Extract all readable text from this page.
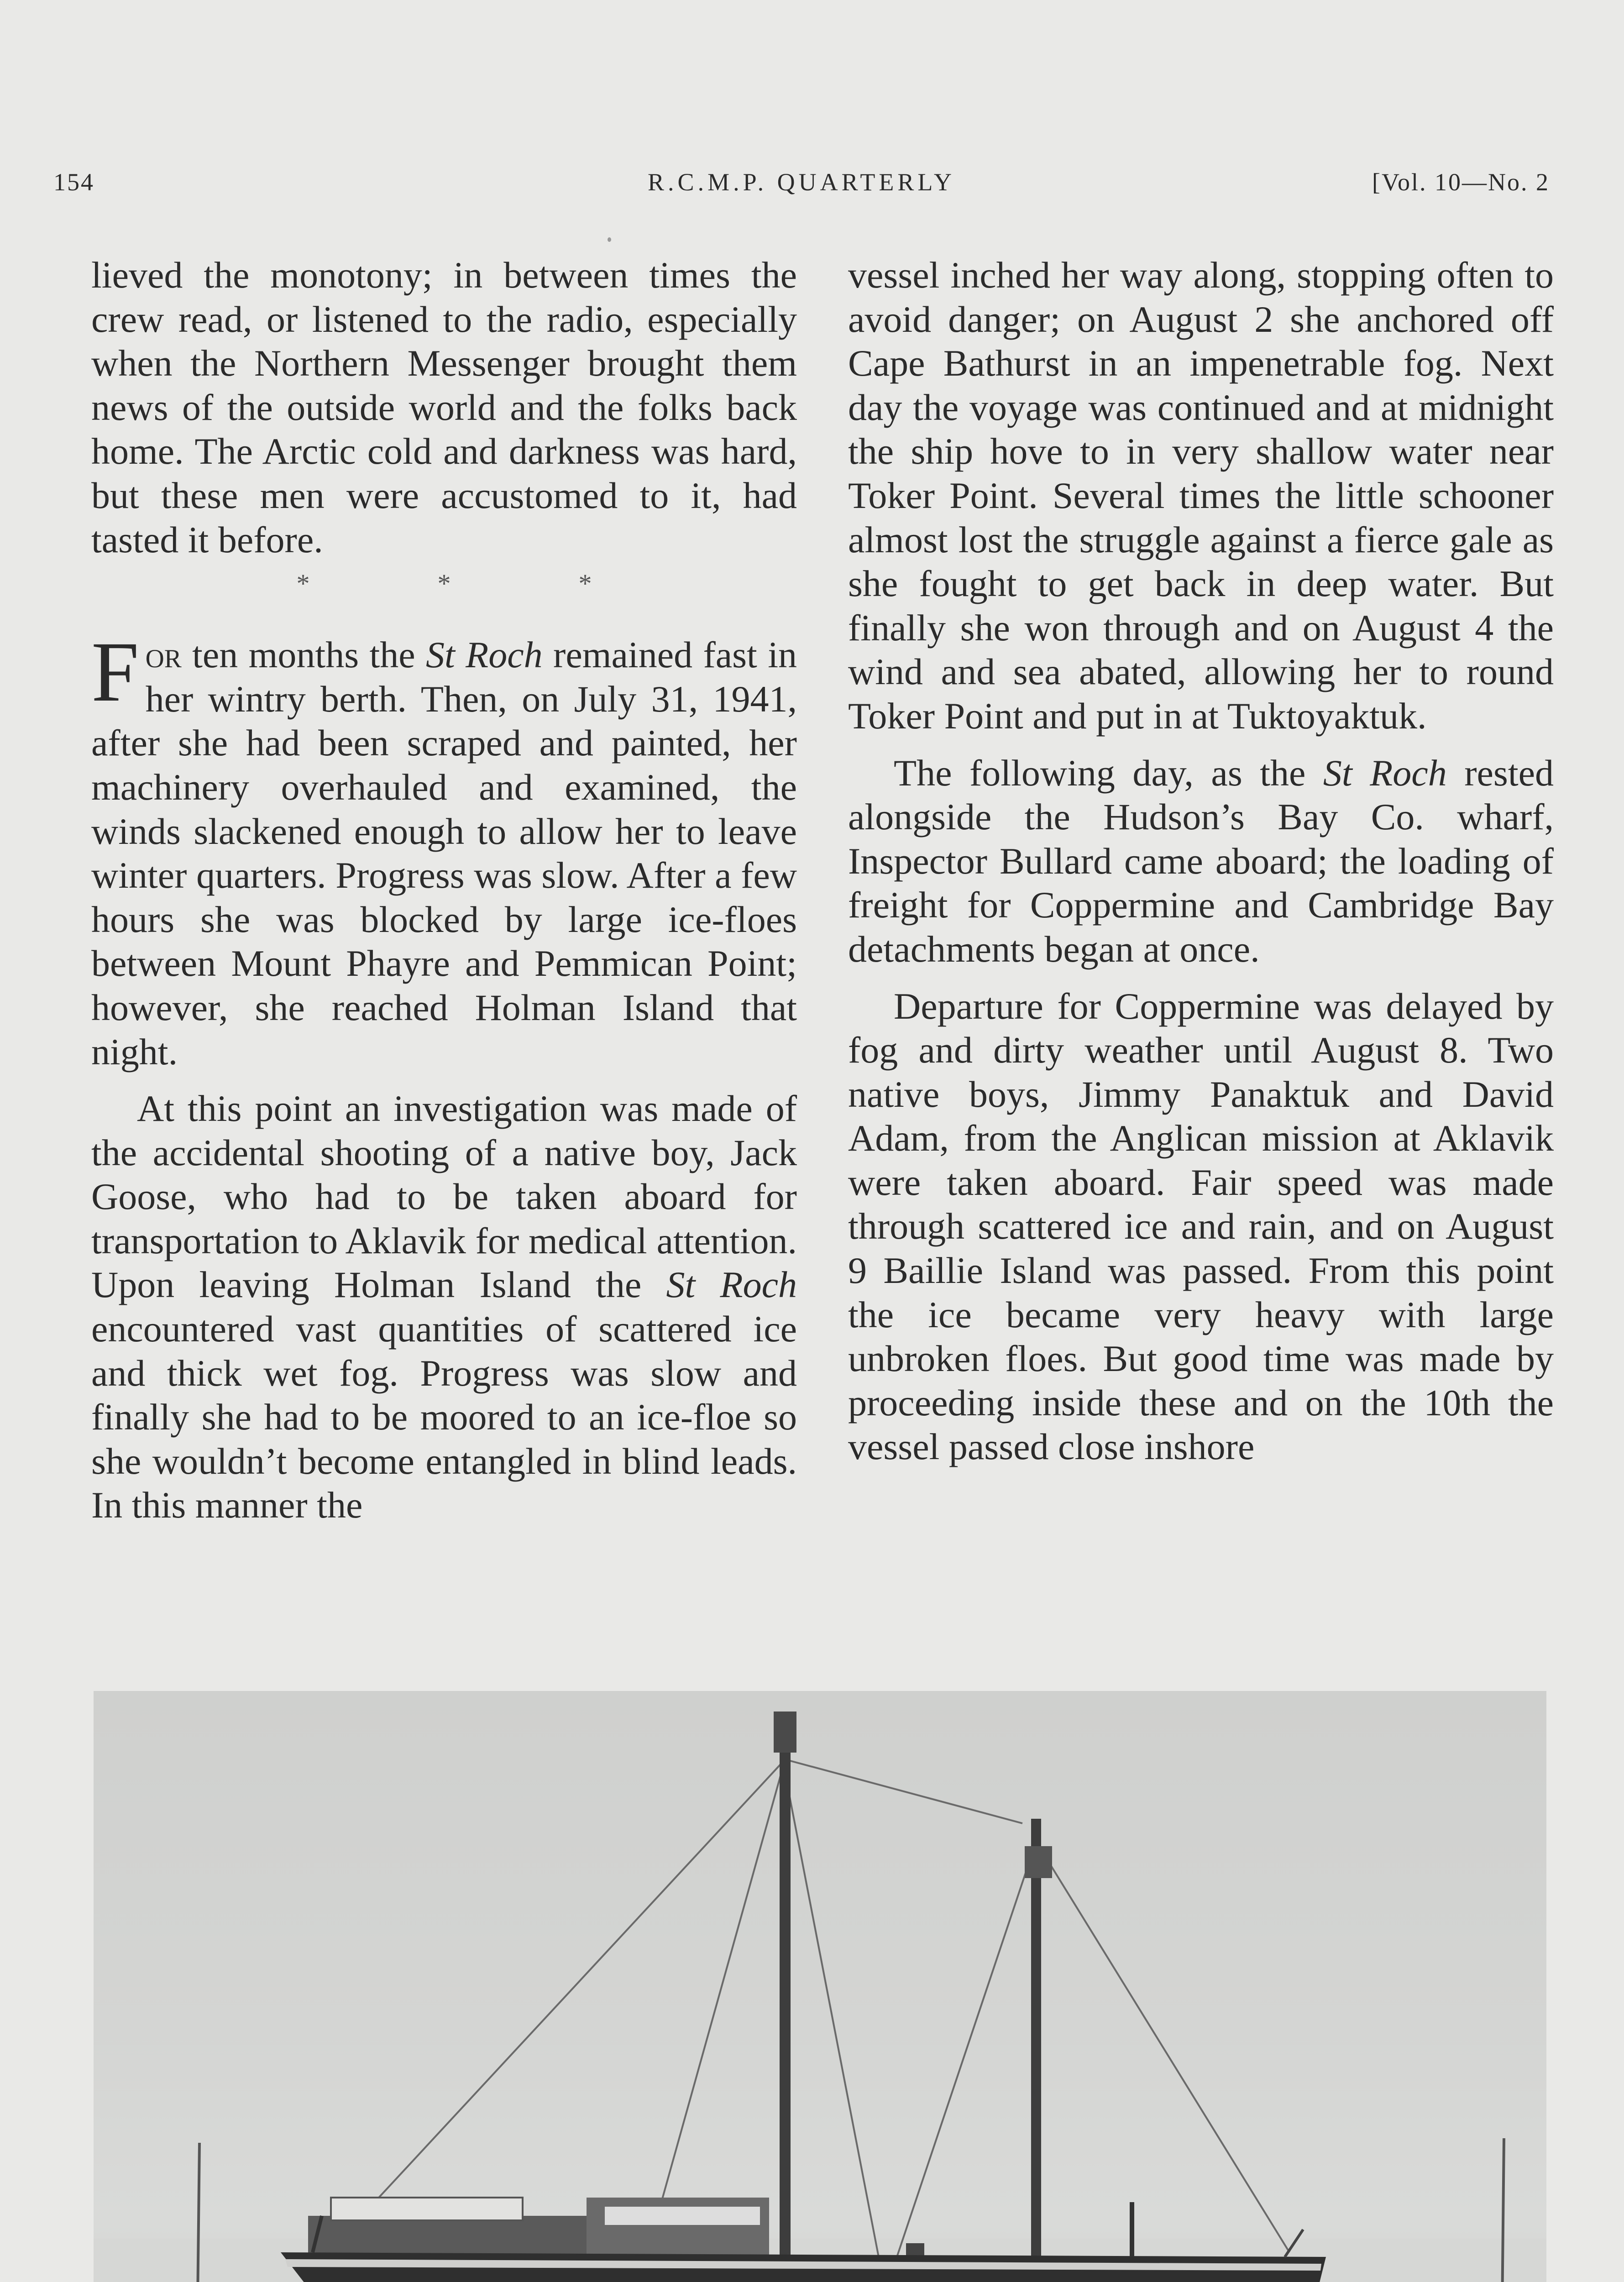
154	R.C.M.P. QUARTERLY	[Vol. 10—No. 2

lieved the monotony; in between times the crew read, or listened to the radio, especially when the Northern Messenger brought them news of the outside world and the folks back home. The Arctic cold and darkness was hard, but these men were accustomed to it, had tasted it before.

*	*	*

For ten months the St Roch remained fast in her wintry berth. Then, on July 31, 1941, after she had been scraped and painted, her machinery overhauled and examined, the winds slackened enough to allow her to leave winter quarters. Progress was slow. After a few hours she was blocked by large ice-floes between Mount Phayre and Pemmican Point; however, she reached Holman Island that night.

At this point an investigation was made of the accidental shooting of a native boy, Jack Goose, who had to be taken aboard for transportation to Aklavik for medical attention. Upon leaving Holman Island the St Roch encountered vast quantities of scattered ice and thick wet fog. Progress was slow and finally she had to be moored to an ice-floe so she wouldn’t become entangled in blind leads. In this manner the

vessel inched her way along, stopping often to avoid danger; on August 2 she anchored off Cape Bathurst in an impenetrable fog. Next day the voyage was continued and at midnight the ship hove to in very shallow water near Toker Point. Several times the little schooner almost lost the struggle against a fierce gale as she fought to get back in deep water. But finally she won through and on August 4 the wind and sea abated, allowing her to round Toker Point and put in at Tuktoyaktuk.

The following day, as the St Roch rested alongside the Hudson’s Bay Co. wharf, Inspector Bullard came aboard; the loading of freight for Coppermine and Cambridge Bay detachments began at once.

Departure for Coppermine was delayed by fog and dirty weather until August 8. Two native boys, Jimmy Panaktuk and David Adam, from the Anglican mission at Aklavik were taken aboard. Fair speed was made through scattered ice and rain, and on August 9 Baillie Island was passed. From this point the ice became very heavy with large unbroken floes. But good time was made by proceeding inside these and on the 10th the vessel passed close inshore
